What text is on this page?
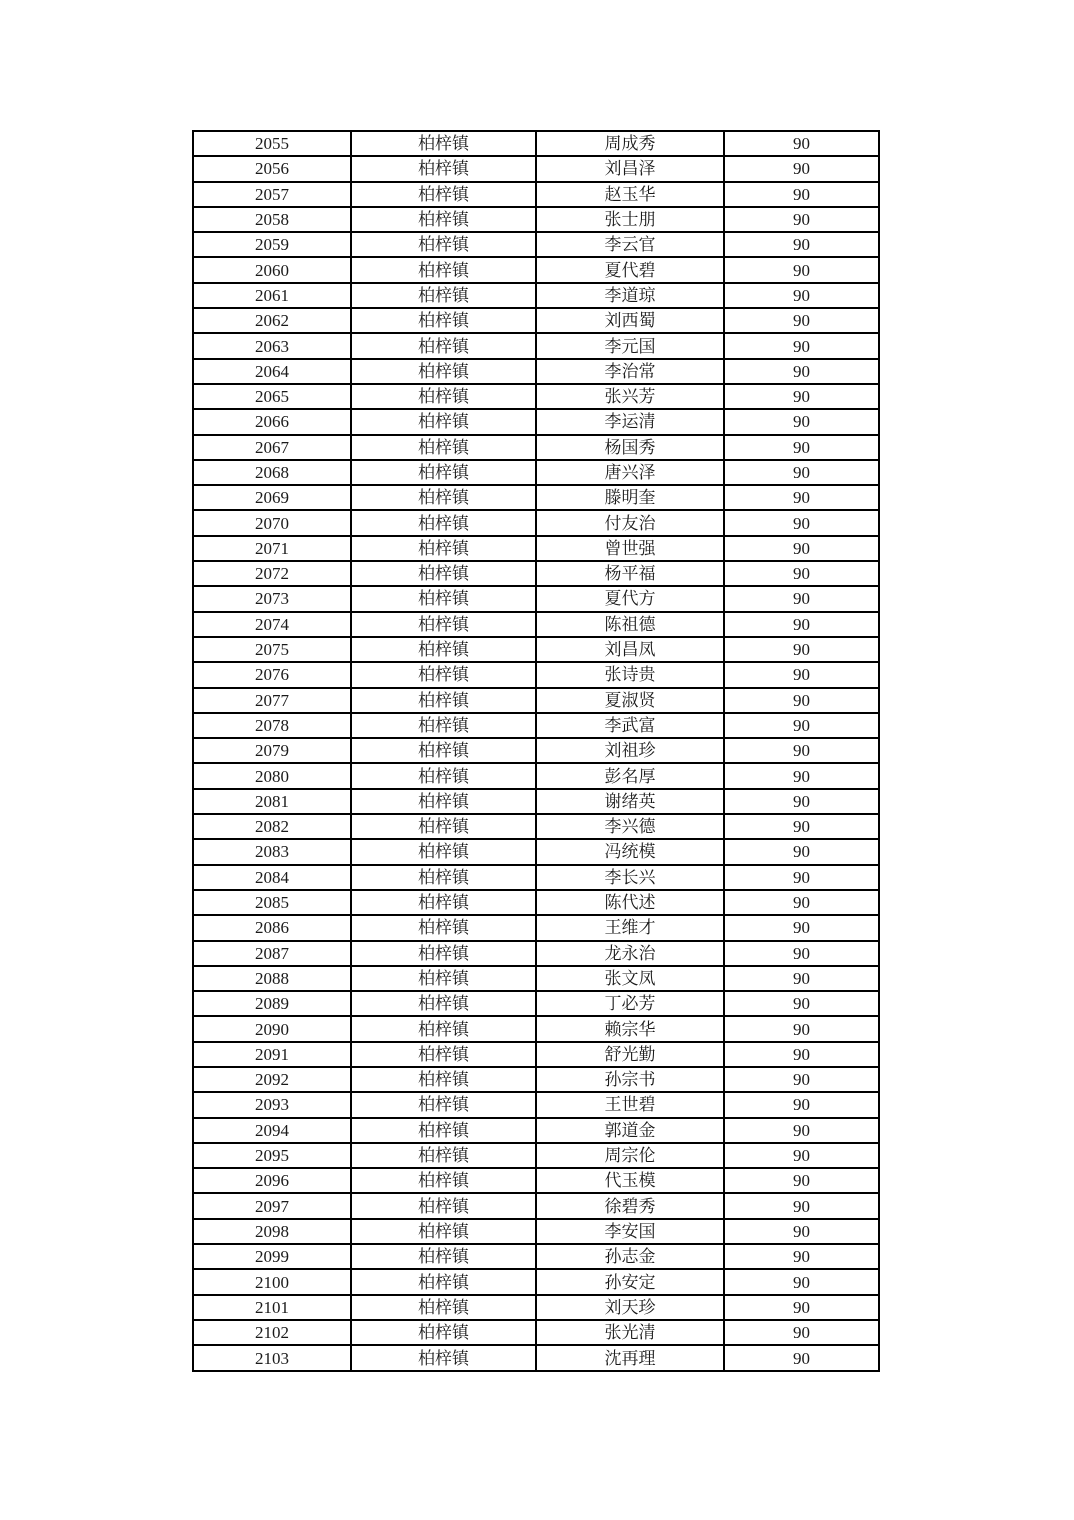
2055	柏梓镇	周成秀	90
2056	柏梓镇	刘昌泽	90
2057	柏梓镇	赵玉华	90
2058	柏梓镇	张士朋	90
2059	柏梓镇	李云官	90
2060	柏梓镇	夏代碧	90
2061	柏梓镇	李道琼	90
2062	柏梓镇	刘西蜀	90
2063	柏梓镇	李元国	90
2064	柏梓镇	李治常	90
2065	柏梓镇	张兴芳	90
2066	柏梓镇	李运清	90
2067	柏梓镇	杨国秀	90
2068	柏梓镇	唐兴泽	90
2069	柏梓镇	滕明奎	90
2070	柏梓镇	付友治	90
2071	柏梓镇	曾世强	90
2072	柏梓镇	杨平福	90
2073	柏梓镇	夏代方	90
2074	柏梓镇	陈祖德	90
2075	柏梓镇	刘昌凤	90
2076	柏梓镇	张诗贵	90
2077	柏梓镇	夏淑贤	90
2078	柏梓镇	李武富	90
2079	柏梓镇	刘祖珍	90
2080	柏梓镇	彭名厚	90
2081	柏梓镇	谢绪英	90
2082	柏梓镇	李兴德	90
2083	柏梓镇	冯统模	90
2084	柏梓镇	李长兴	90
2085	柏梓镇	陈代述	90
2086	柏梓镇	王维才	90
2087	柏梓镇	龙永治	90
2088	柏梓镇	张文凤	90
2089	柏梓镇	丁必芳	90
2090	柏梓镇	赖宗华	90
2091	柏梓镇	舒光勤	90
2092	柏梓镇	孙宗书	90
2093	柏梓镇	王世碧	90
2094	柏梓镇	郭道金	90
2095	柏梓镇	周宗伦	90
2096	柏梓镇	代玉模	90
2097	柏梓镇	徐碧秀	90
2098	柏梓镇	李安国	90
2099	柏梓镇	孙志金	90
2100	柏梓镇	孙安定	90
2101	柏梓镇	刘天珍	90
2102	柏梓镇	张光清	90
2103	柏梓镇	沈再理	90
